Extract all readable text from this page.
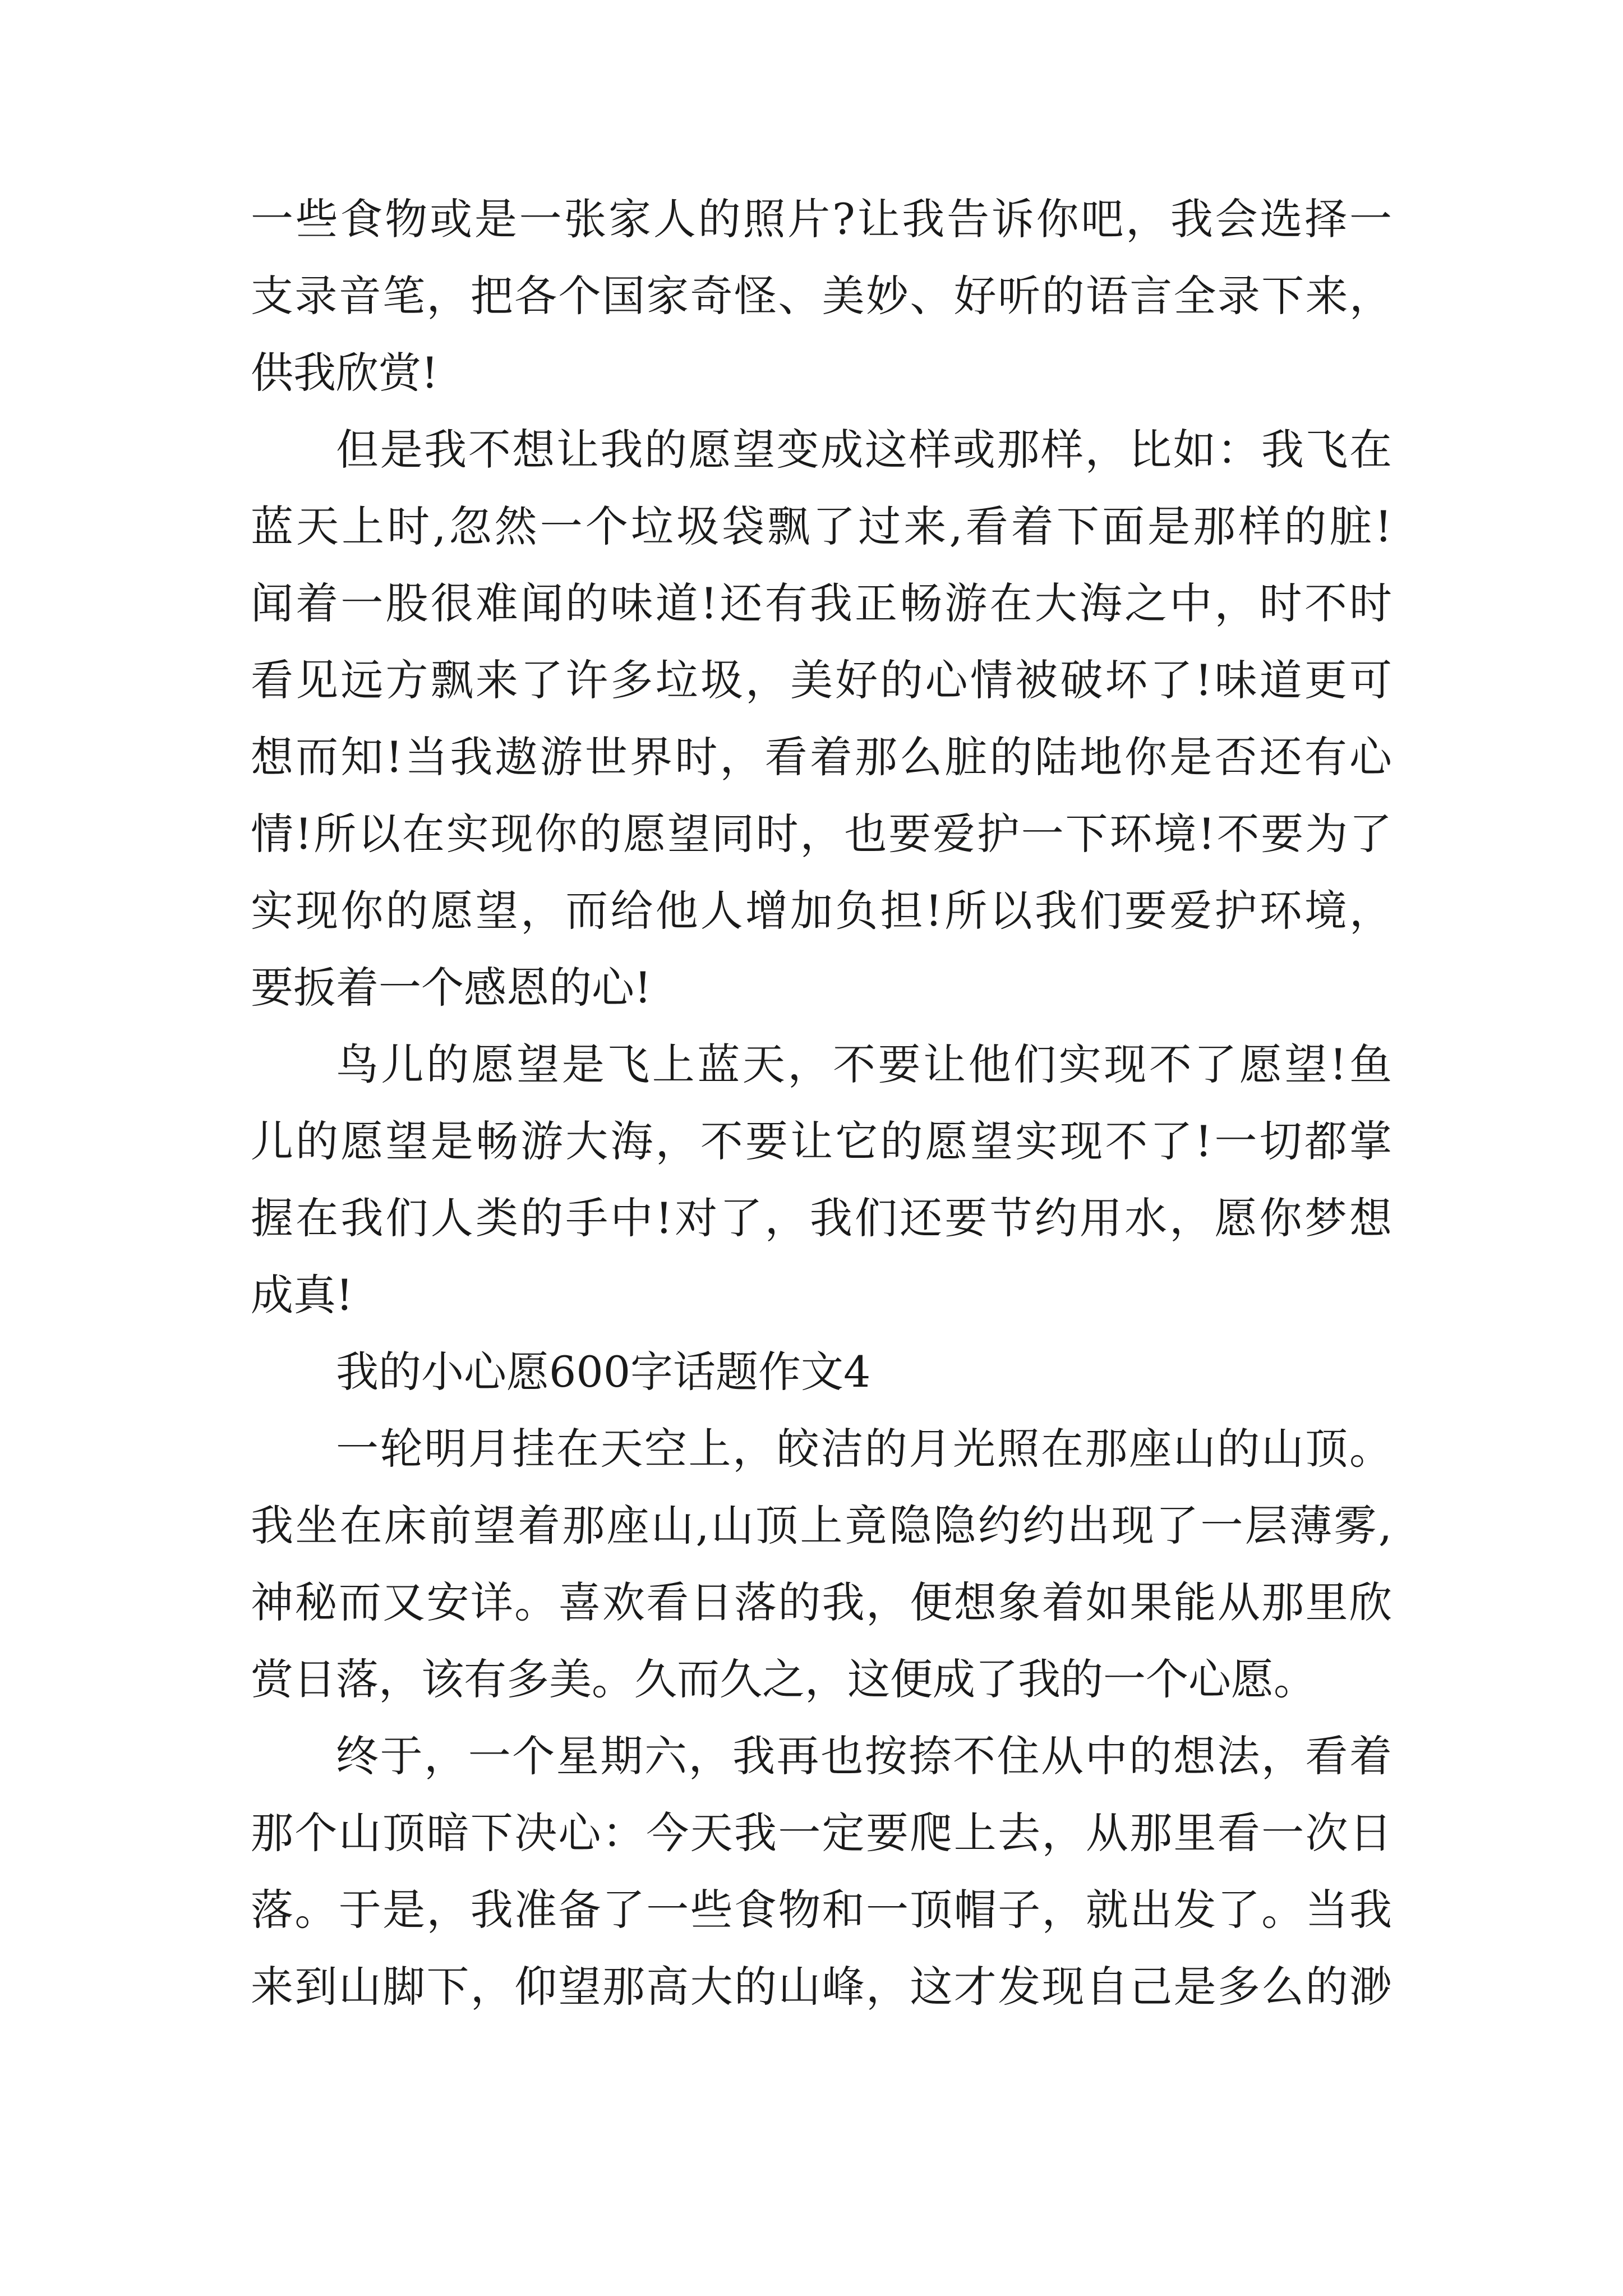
一些食物或是一张家人的照片?让我告诉你吧，我会选择一
支录音笔，把各个国家奇怪、美妙、好听的语言全录下来，
供我欣赏!
但是我不想让我的愿望变成这样或那样，比如：我飞在
蓝天上时,忽然一个垃圾袋飘了过来,看着下面是那样的脏!
闻着一股很难闻的味道!还有我正畅游在大海之中，时不时
看见远方飘来了许多垃圾，美好的心情被破坏了!味道更可
想而知!当我遨游世界时，看着那么脏的陆地你是否还有心
情!所以在实现你的愿望同时，也要爱护一下环境!不要为了
实现你的愿望，而给他人增加负担!所以我们要爱护环境，
要扳着一个感恩的心!
鸟儿的愿望是飞上蓝天，不要让他们实现不了愿望!鱼
儿的愿望是畅游大海，不要让它的愿望实现不了!一切都掌
握在我们人类的手中!对了，我们还要节约用水，愿你梦想
成真!
我的小心愿600字话题作文4
一轮明月挂在天空上，皎洁的月光照在那座山的山顶。
我坐在床前望着那座山,山顶上竟隐隐约约出现了一层薄雾,
神秘而又安详。喜欢看日落的我，便想象着如果能从那里欣
赏日落，该有多美。久而久之，这便成了我的一个心愿。
终于，一个星期六，我再也按捺不住从中的想法，看着
那个山顶暗下决心：今天我一定要爬上去，从那里看一次日
落。于是，我准备了一些食物和一顶帽子，就出发了。当我
来到山脚下，仰望那高大的山峰，这才发现自己是多么的渺
